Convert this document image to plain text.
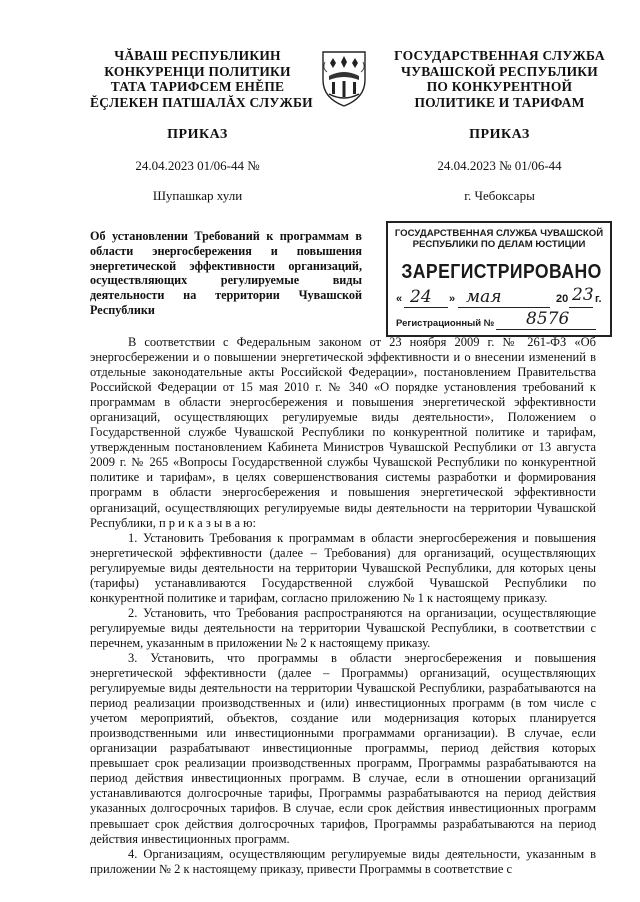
ЧĂВАШ РЕСПУБЛИКИН
КОНКУРЕНЦИ ПОЛИТИКИ
ТАТА ТАРИФСЕМ ЕНĚПЕ
ĔÇЛЕКЕН ПАТШАЛĂХ СЛУЖБИ
ГОСУДАРСТВЕННАЯ СЛУЖБА
ЧУВАШСКОЙ РЕСПУБЛИКИ
ПО КОНКУРЕНТНОЙ
ПОЛИТИКЕ И ТАРИФАМ
ПРИКАЗ	ПРИКАЗ
24.04.2023 01/06-44 №	24.04.2023 № 01/06-44
Шупашкар хули	г. Чебоксары
Об установлении Требований к программам в области энергосбережения и повышения энергетической эффективности организаций, осуществляющих регулируемые виды деятельности на территории Чувашской Республики
ГОСУДАРСТВЕННАЯ СЛУЖБА ЧУВАШСКОЙ
РЕСПУБЛИКИ ПО ДЕЛАМ ЮСТИЦИИ
ЗАРЕГИСТРИРОВАНО
« 24 » мая	20 23 г.
Регистрационный № 8576

В соответствии с Федеральным законом от 23 ноября 2009 г. № 261-ФЗ «Об энергосбережении и о повышении энергетической эффективности и о внесении изменений в отдельные законодательные акты Российской Федерации», постановлением Правительства Российской Федерации от 15 мая 2010 г. № 340 «О порядке установления требований к программам в области энергосбережения и повышения энергетической эффективности организаций, осуществляющих регулируемые виды деятельности», Положением о Государственной службе Чувашской Республики по конкурентной политике и тарифам, утвержденным постановлением Кабинета Министров Чувашской Республики от 13 августа 2009 г. № 265 «Вопросы Государственной службы Чувашской Республики по конкурентной политике и тарифам», в целях совершенствования системы разработки и формирования программ в области энергосбережения и повышения энергетической эффективности организаций, осуществляющих регулируемые виды деятельности на территории Чувашской Республики, п р и к а з ы в а ю:

1. Установить Требования к программам в области энергосбережения и повышения энергетической эффективности (далее – Требования) для организаций, осуществляющих регулируемые виды деятельности на территории Чувашской Республики, для которых цены (тарифы) устанавливаются Государственной службой Чувашской Республики по конкурентной политике и тарифам, согласно приложению № 1 к настоящему приказу.

2. Установить, что Требования распространяются на организации, осуществляющие регулируемые виды деятельности на территории Чувашской Республики, в соответствии с перечнем, указанным в приложении № 2 к настоящему приказу.

3. Установить, что программы в области энергосбережения и повышения энергетической эффективности (далее – Программы) организаций, осуществляющих регулируемые виды деятельности на территории Чувашской Республики, разрабатываются на период реализации производственных и (или) инвестиционных программ (в том числе с учетом мероприятий, объектов, создание или модернизация которых планируется производственными или инвестиционными программами организации). В случае, если организации разрабатывают инвестиционные программы, период действия которых превышает срок реализации производственных программ, Программы разрабатываются на период действия инвестиционных программ. В случае, если в отношении организаций устанавливаются долгосрочные тарифы, Программы разрабатываются на период действия указанных долгосрочных тарифов. В случае, если срок действия инвестиционных программ превышает срок действия долгосрочных тарифов, Программы разрабатываются на период действия инвестиционных программ.

4. Организациям, осуществляющим регулируемые виды деятельности, указанным в приложении № 2 к настоящему приказу, привести Программы в соответствие с
